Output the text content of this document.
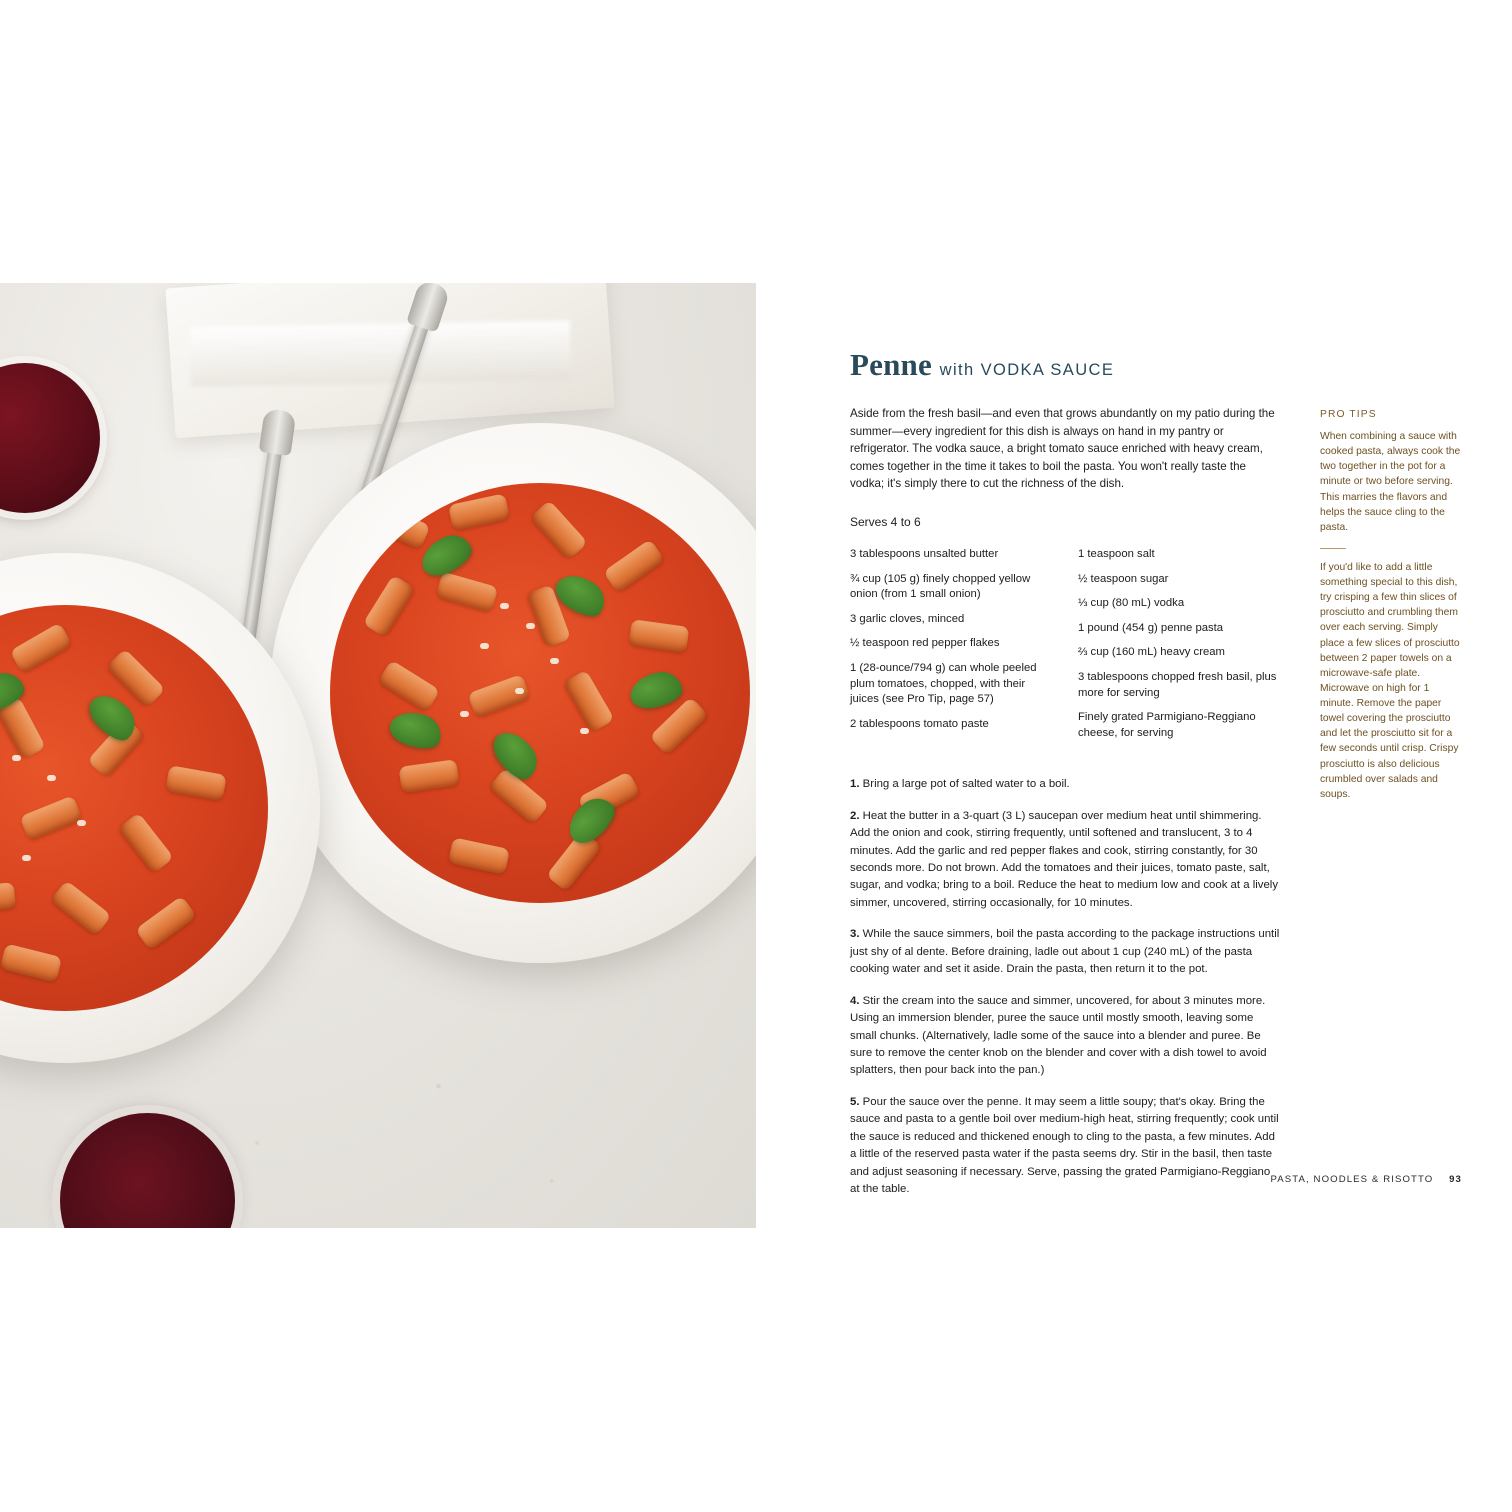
Penne with VODKA SAUCE

Aside from the fresh basil—and even that grows abundantly on my patio during the summer—every ingredient for this dish is always on hand in my pantry or refrigerator. The vodka sauce, a bright tomato sauce enriched with heavy cream, comes together in the time it takes to boil the pasta. You won't really taste the vodka; it's simply there to cut the richness of the dish.

Serves 4 to 6

3 tablespoons unsalted butter
¾ cup (105 g) finely chopped yellow onion (from 1 small onion)
3 garlic cloves, minced
½ teaspoon red pepper flakes
1 (28-ounce/794 g) can whole peeled plum tomatoes, chopped, with their juices (see Pro Tip, page 57)
2 tablespoons tomato paste
1 teaspoon salt
½ teaspoon sugar
⅓ cup (80 mL) vodka
1 pound (454 g) penne pasta
⅔ cup (160 mL) heavy cream
3 tablespoons chopped fresh basil, plus more for serving
Finely grated Parmigiano-Reggiano cheese, for serving

1. Bring a large pot of salted water to a boil.

2. Heat the butter in a 3-quart (3 L) saucepan over medium heat until shimmering. Add the onion and cook, stirring frequently, until softened and translucent, 3 to 4 minutes. Add the garlic and red pepper flakes and cook, stirring constantly, for 30 seconds more. Do not brown. Add the tomatoes and their juices, tomato paste, salt, sugar, and vodka; bring to a boil. Reduce the heat to medium low and cook at a lively simmer, uncovered, stirring occasionally, for 10 minutes.

3. While the sauce simmers, boil the pasta according to the package instructions until just shy of al dente. Before draining, ladle out about 1 cup (240 mL) of the pasta cooking water and set it aside. Drain the pasta, then return it to the pot.

4. Stir the cream into the sauce and simmer, uncovered, for about 3 minutes more. Using an immersion blender, puree the sauce until mostly smooth, leaving some small chunks. (Alternatively, ladle some of the sauce into a blender and puree. Be sure to remove the center knob on the blender and cover with a dish towel to avoid splatters, then pour back into the pan.)

5. Pour the sauce over the penne. It may seem a little soupy; that's okay. Bring the sauce and pasta to a gentle boil over medium-high heat, stirring frequently; cook until the sauce is reduced and thickened enough to cling to the pasta, a few minutes. Add a little of the reserved pasta water if the pasta seems dry. Stir in the basil, then taste and adjust seasoning if necessary. Serve, passing the grated Parmigiano-Reggiano at the table.

PRO TIPS

When combining a sauce with cooked pasta, always cook the two together in the pot for a minute or two before serving. This marries the flavors and helps the sauce cling to the pasta.

If you'd like to add a little something special to this dish, try crisping a few thin slices of prosciutto and crumbling them over each serving. Simply place a few slices of prosciutto between 2 paper towels on a microwave-safe plate. Microwave on high for 1 minute. Remove the paper towel covering the prosciutto and let the prosciutto sit for a few seconds until crisp. Crispy prosciutto is also delicious crumbled over salads and soups.

PASTA, NOODLES & RISOTTO 93
